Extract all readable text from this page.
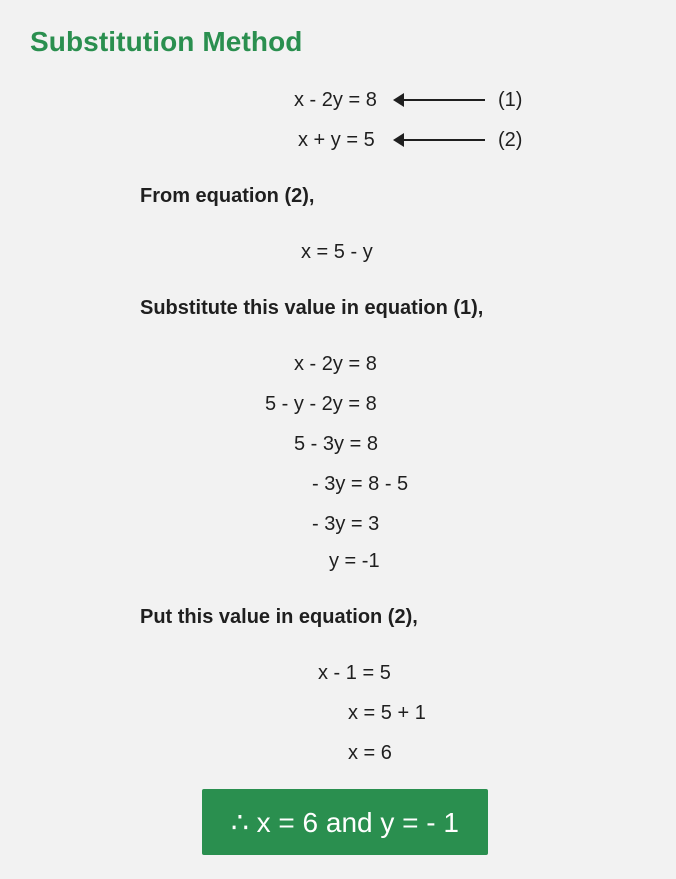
Substitution Method
x - 2y = 8	(1)
x + y = 5	(2)
From equation (2),
x = 5 - y
Substitute this value in equation (1),
x - 2y = 8
5 - y - 2y = 8
5 - 3y = 8
- 3y = 8 - 5
- 3y = 3
y = -1
Put this value in equation (2),
x - 1 = 5
x = 5 + 1
x = 6
∴ x = 6 and y = - 1
